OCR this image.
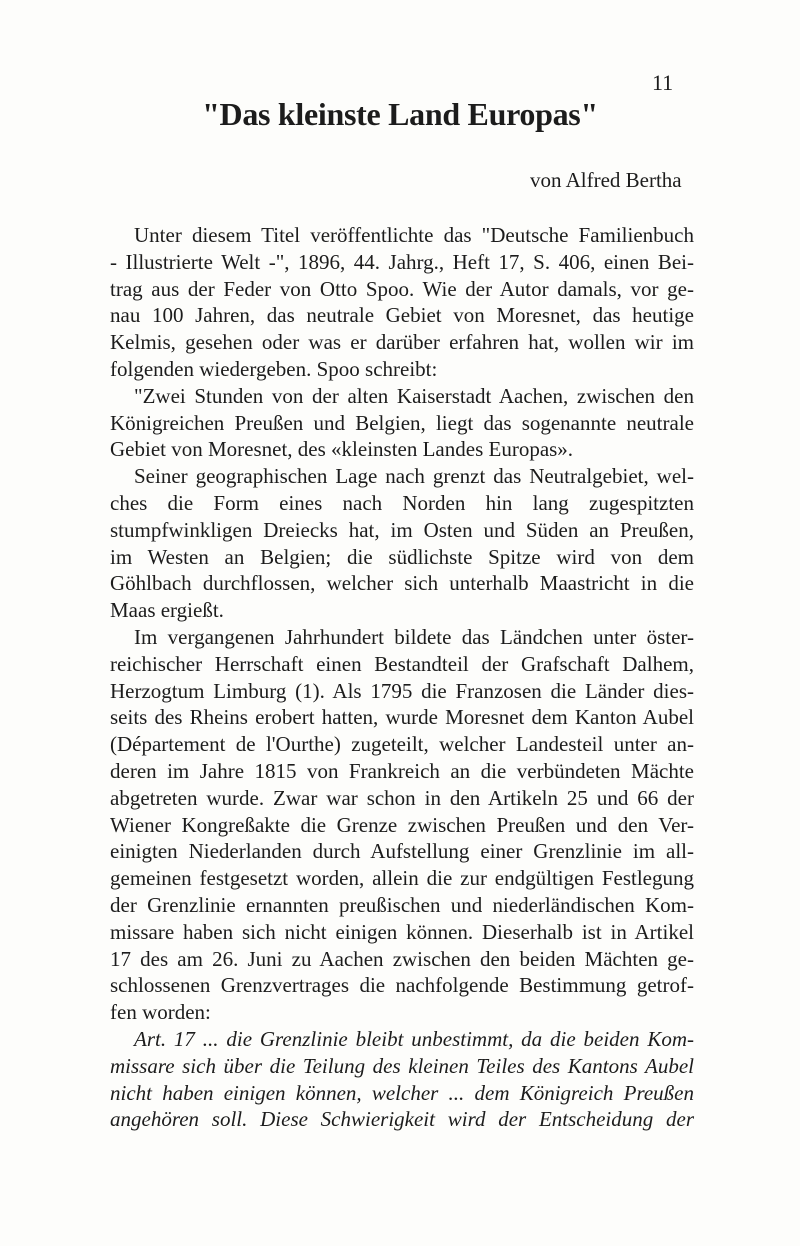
11
"Das kleinste Land Europas"
von Alfred Bertha
Unter diesem Titel veröffentlichte das "Deutsche Familienbuch
- Illustrierte Welt -", 1896, 44. Jahrg., Heft 17, S. 406, einen Bei-
trag aus der Feder von Otto Spoo. Wie der Autor damals, vor ge-
nau 100 Jahren, das neutrale Gebiet von Moresnet, das heutige
Kelmis, gesehen oder was er darüber erfahren hat, wollen wir im
folgenden wiedergeben. Spoo schreibt:
"Zwei Stunden von der alten Kaiserstadt Aachen, zwischen den
Königreichen Preußen und Belgien, liegt das sogenannte neutrale
Gebiet von Moresnet, des «kleinsten Landes Europas».
Seiner geographischen Lage nach grenzt das Neutralgebiet, wel-
ches die Form eines nach Norden hin lang zugespitzten
stumpfwinkligen Dreiecks hat, im Osten und Süden an Preußen,
im Westen an Belgien; die südlichste Spitze wird von dem
Göhlbach durchflossen, welcher sich unterhalb Maastricht in die
Maas ergießt.
Im vergangenen Jahrhundert bildete das Ländchen unter öster-
reichischer Herrschaft einen Bestandteil der Grafschaft Dalhem,
Herzogtum Limburg (1). Als 1795 die Franzosen die Länder dies-
seits des Rheins erobert hatten, wurde Moresnet dem Kanton Aubel
(Département de l'Ourthe) zugeteilt, welcher Landesteil unter an-
deren im Jahre 1815 von Frankreich an die verbündeten Mächte
abgetreten wurde. Zwar war schon in den Artikeln 25 und 66 der
Wiener Kongreßakte die Grenze zwischen Preußen und den Ver-
einigten Niederlanden durch Aufstellung einer Grenzlinie im all-
gemeinen festgesetzt worden, allein die zur endgültigen Festlegung
der Grenzlinie ernannten preußischen und niederländischen Kom-
missare haben sich nicht einigen können. Dieserhalb ist in Artikel
17 des am 26. Juni zu Aachen zwischen den beiden Mächten ge-
schlossenen Grenzvertrages die nachfolgende Bestimmung getrof-
fen worden:
Art. 17 ... die Grenzlinie bleibt unbestimmt, da die beiden Kom-
missare sich über die Teilung des kleinen Teiles des Kantons Aubel
nicht haben einigen können, welcher ... dem Königreich Preußen
angehören soll. Diese Schwierigkeit wird der Entscheidung der
